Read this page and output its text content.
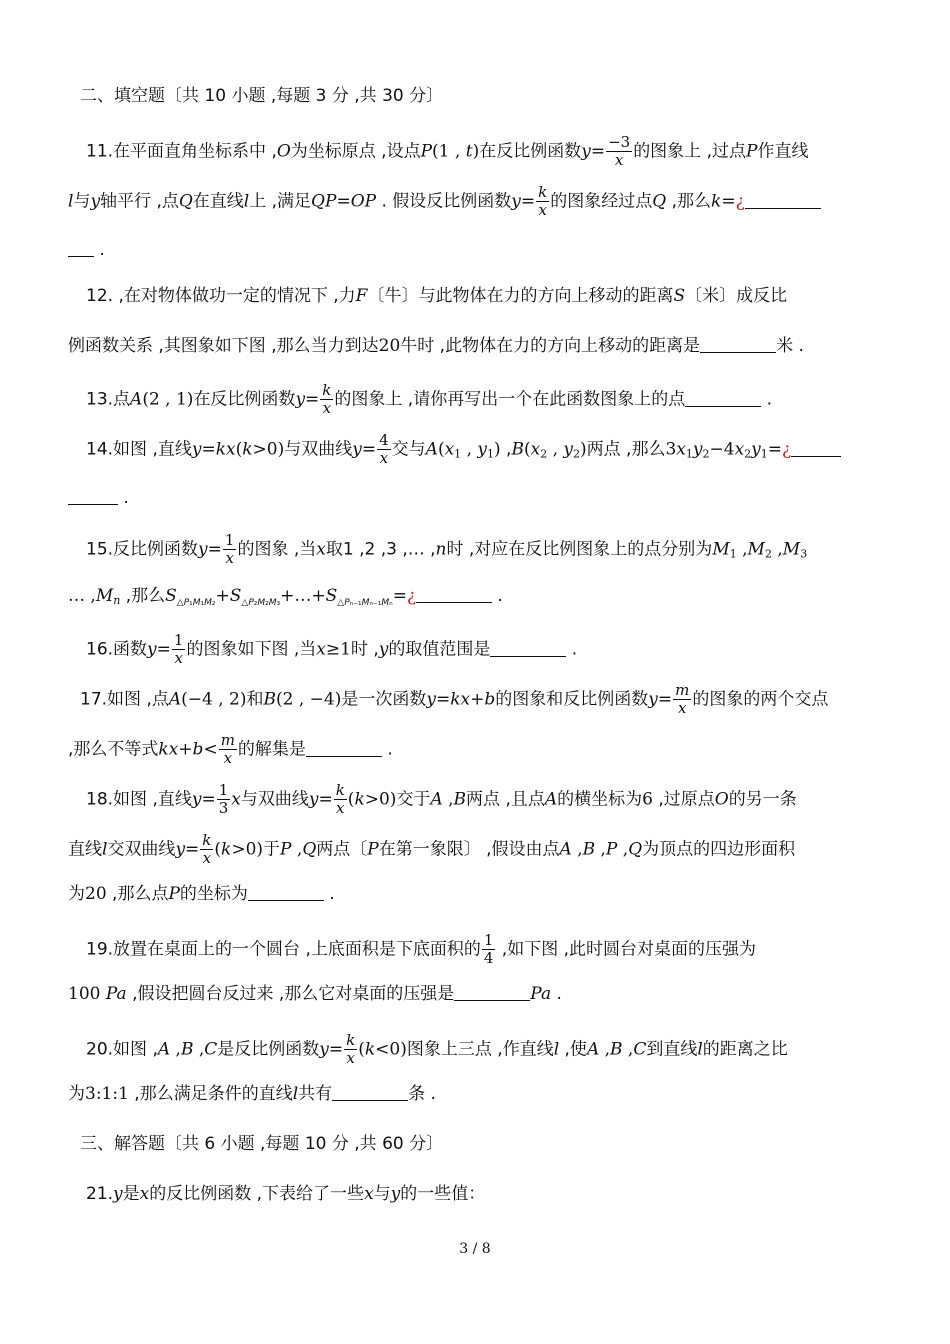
二、填空题〔共 10 小题 ,每题 3 分 ,共 30 分〕
11.在平面直角坐标系中 ,O为坐标原点 ,设点P(1 , t)在反比例函数$y= \frac{-3}{x}$ 的图象上 ,过点P作直线
l与y轴平行 ,点Q在直线l上 ,满足QP=OP . 假设反比例函数$y= \frac{k}{x}$ 的图象经过点Q ,那么k=¿
.
12. ,在对物体做功一定的情况下 ,力F〔牛〕与此物体在力的方向上移动的距离S〔米〕成反比
例函数关系 ,其图象如下图 ,那么当力到达20牛时 ,此物体在力的方向上移动的距离是	米 .
13.点A(2 , 1)在反比例函数$y= \frac{k}{x}$ 的图象上 ,请你再写出一个在此函数图象上的点	.
14.如图 ,直线y=kx(k>0)与双曲线$y= \frac{4}{x}$ 交与A(x1 , y1) ,B(x2 , y2)两点 ,那么3x1y2−4x2y1=¿
.
15.反比例函数$y= \frac{1}{x}$ 的图象 ,当x取1 ,2 ,3 ,… ,n时 ,对应在反比例图象上的点分别为M1 ,M2 ,M3
… ,Mn ,那么$S_{\triangle P_1M_1M_2}+S_{\triangle P_2M_2M_3}+\dots+S_{\triangle P_{n-1}M_{n-1}M_n}=¿$	.
16.函数$y= \frac{1}{x}$ 的图象如下图 ,当x≥1时 ,y的取值范围是	.
17.如图 ,点A(−4 , 2)和B(2 , −4)是一次函数y=kx+b的图象和反比例函数$y= \frac{m}{x}$ 的图象的两个交点
,那么不等式$kx+b< \frac{m}{x}$ 的解集是	.
18.如图 ,直线$y= \frac{1}{3}$ x与双曲线$y= \frac{k}{x} (k>0)$交于A ,B两点 ,且点A的横坐标为6 ,过原点O的另一条
直线l交双曲线$y= \frac{k}{x} (k>0)$于P ,Q两点〔P在第一象限〕 ,假设由点A ,B ,P ,Q为顶点的四边形面积
为20 ,那么点P的坐标为	.
19.放置在桌面上的一个圆台 ,上底面积是下底面积的 $\frac{1}{4}$ ,如下图 ,此时圆台对桌面的压强为
100 Pa ,假设把圆台反过来 ,那么它对桌面的压强是	Pa .
20.如图 ,A ,B ,C是反比例函数$y= \frac{k}{x} (k<0)$图象上三点 ,作直线l ,使A ,B ,C到直线l的距离之比
为3:1:1 ,那么满足条件的直线l共有	条 .
三、解答题〔共 6 小题 ,每题 10 分 ,共 60 分〕
21.y是x的反比例函数 ,下表给了一些x与y的一些值：
3 / 8
